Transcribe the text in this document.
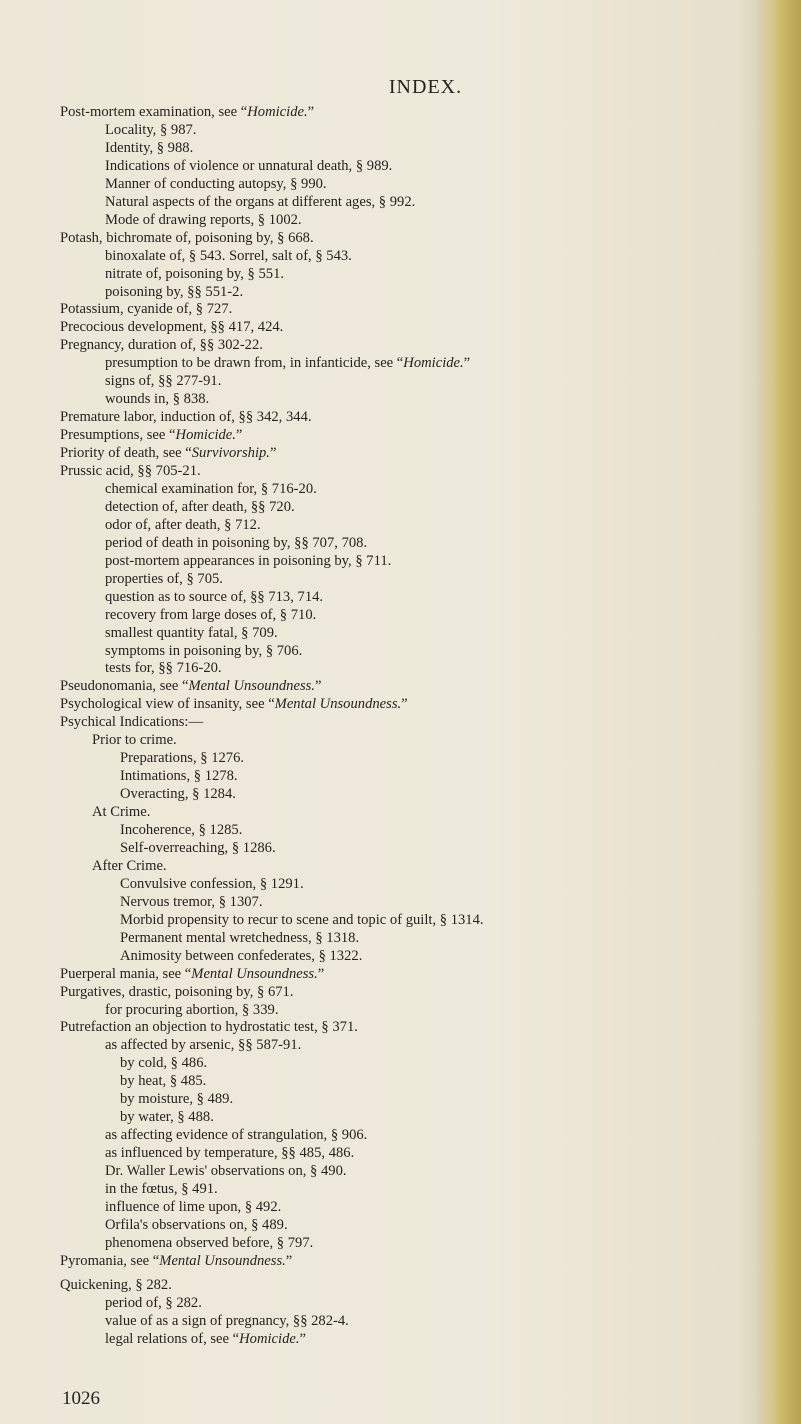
INDEX.
Post-mortem examination, see “Homicide.”
Locality, § 987.
Identity, § 988.
Indications of violence or unnatural death, § 989.
Manner of conducting autopsy, § 990.
Natural aspects of the organs at different ages, § 992.
Mode of drawing reports, § 1002.
Potash, bichromate of, poisoning by, § 668.
binoxalate of, § 543. Sorrel, salt of, § 543.
nitrate of, poisoning by, § 551.
poisoning by, §§ 551-2.
Potassium, cyanide of, § 727.
Precocious development, §§ 417, 424.
Pregnancy, duration of, §§ 302-22.
presumption to be drawn from, in infanticide, see “Homicide.”
signs of, §§ 277-91.
wounds in, § 838.
Premature labor, induction of, §§ 342, 344.
Presumptions, see “Homicide.”
Priority of death, see “Survivorship.”
Prussic acid, §§ 705-21.
chemical examination for, § 716-20.
detection of, after death, §§ 720.
odor of, after death, § 712.
period of death in poisoning by, §§ 707, 708.
post-mortem appearances in poisoning by, § 711.
properties of, § 705.
question as to source of, §§ 713, 714.
recovery from large doses of, § 710.
smallest quantity fatal, § 709.
symptoms in poisoning by, § 706.
tests for, §§ 716-20.
Pseudonomania, see “Mental Unsoundness.”
Psychological view of insanity, see “Mental Unsoundness.”
Psychical Indications:—
Prior to crime.
Preparations, § 1276.
Intimations, § 1278.
Overacting, § 1284.
At Crime.
Incoherence, § 1285.
Self-overreaching, § 1286.
After Crime.
Convulsive confession, § 1291.
Nervous tremor, § 1307.
Morbid propensity to recur to scene and topic of guilt, § 1314.
Permanent mental wretchedness, § 1318.
Animosity between confederates, § 1322.
Puerperal mania, see “Mental Unsoundness.”
Purgatives, drastic, poisoning by, § 671.
for procuring abortion, § 339.
Putrefaction an objection to hydrostatic test, § 371.
as affected by arsenic, §§ 587-91.
by cold, § 486.
by heat, § 485.
by moisture, § 489.
by water, § 488.
as affecting evidence of strangulation, § 906.
as influenced by temperature, §§ 485, 486.
Dr. Waller Lewis' observations on, § 490.
in the fœtus, § 491.
influence of lime upon, § 492.
Orfila's observations on, § 489.
phenomena observed before, § 797.
Pyromania, see “Mental Unsoundness.”
Quickening, § 282.
period of, § 282.
value of as a sign of pregnancy, §§ 282-4.
legal relations of, see “Homicide.”
1026
